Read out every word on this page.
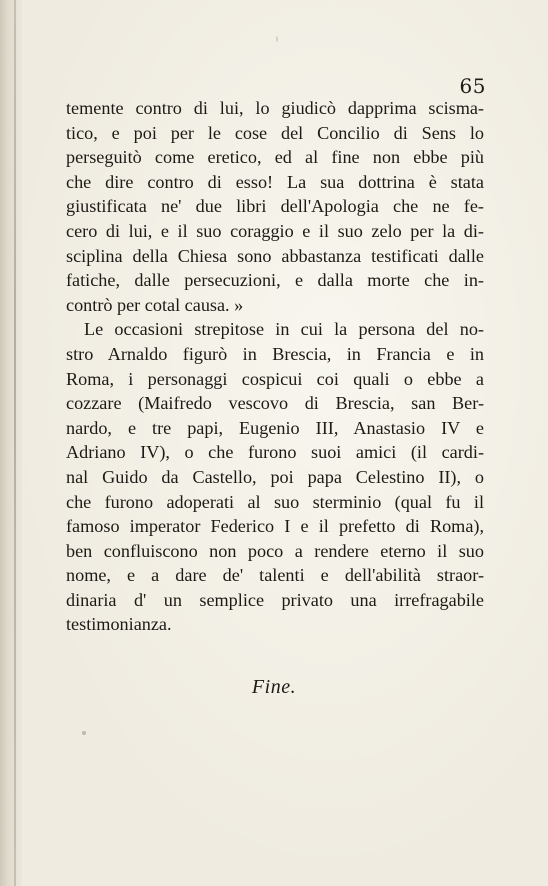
65
temente contro di lui, lo giudicò dapprima scisma-
tico, e poi per le cose del Concilio di Sens lo
perseguitò come eretico, ed al fine non ebbe più
che dire contro di esso! La sua dottrina è stata
giustificata ne' due libri dell'Apologia che ne fe-
cero di lui, e il suo coraggio e il suo zelo per la di-
sciplina della Chiesa sono abbastanza testificati dalle
fatiche, dalle persecuzioni, e dalla morte che in-
contrò per cotal causa. »
Le occasioni strepitose in cui la persona del no-
stro Arnaldo figurò in Brescia, in Francia e in
Roma, i personaggi cospicui coi quali o ebbe a
cozzare (Maifredo vescovo di Brescia, san Ber-
nardo, e tre papi, Eugenio III, Anastasio IV e
Adriano IV), o che furono suoi amici (il cardi-
nal Guido da Castello, poi papa Celestino II), o
che furono adoperati al suo sterminio (qual fu il
famoso imperator Federico I e il prefetto di Roma),
ben confluiscono non poco a rendere eterno il suo
nome, e a dare de' talenti e dell'abilità straor-
dinaria d' un semplice privato una irrefragabile
testimonianza.
Fine.
